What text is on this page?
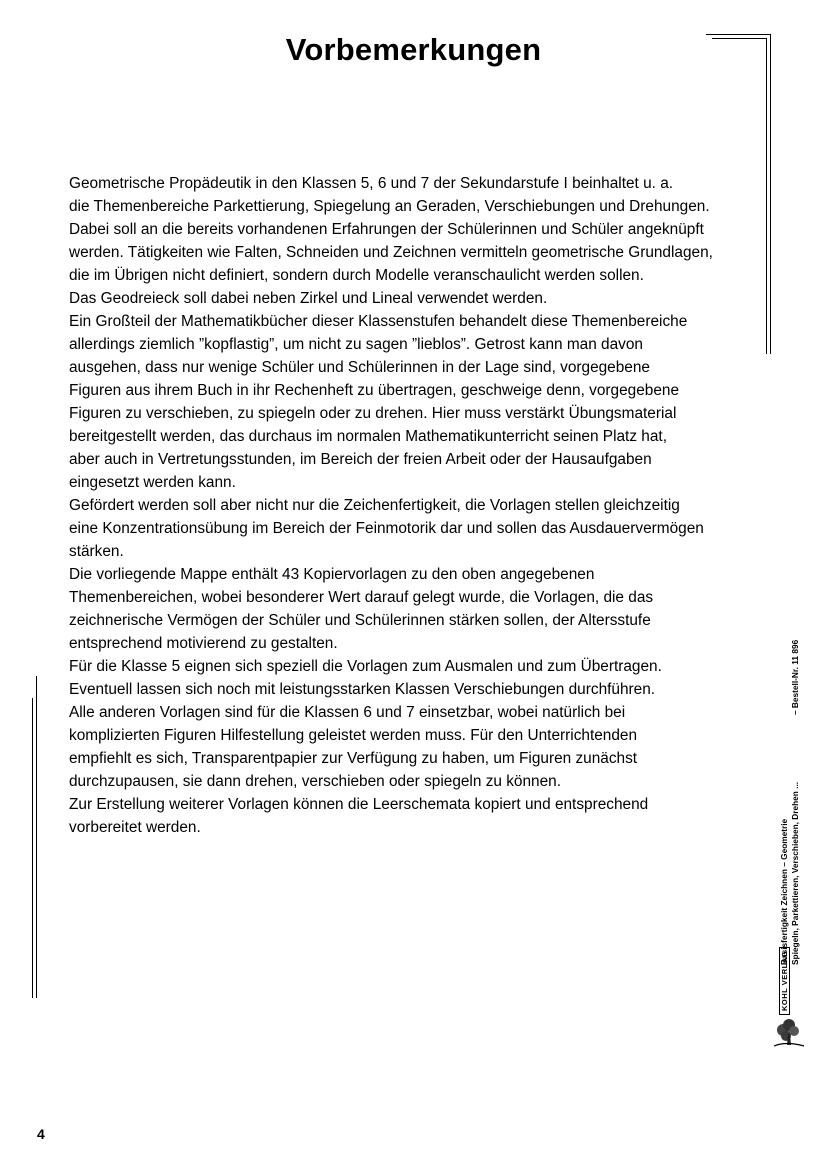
Vorbemerkungen
Geometrische Propädeutik in den Klassen 5, 6 und 7 der Sekundarstufe I beinhaltet u. a.
die Themenbereiche Parkettierung, Spiegelung an Geraden, Verschiebungen und Drehungen.
Dabei soll an die bereits vorhandenen Erfahrungen der Schülerinnen und Schüler angeknüpft
werden. Tätigkeiten wie Falten, Schneiden und Zeichnen vermitteln geometrische Grundlagen,
die im Übrigen nicht definiert, sondern durch Modelle veranschaulicht werden sollen.
Das Geodreieck soll dabei neben Zirkel und Lineal verwendet werden.
Ein Großteil der Mathematikbücher dieser Klassenstufen behandelt diese Themenbereiche
allerdings ziemlich ”kopflastig”, um nicht zu sagen ”lieblos”. Getrost kann man davon
ausgehen, dass nur wenige Schüler und Schülerinnen in der Lage sind, vorgegebene
Figuren aus ihrem Buch in ihr Rechenheft zu übertragen, geschweige denn, vorgegebene
Figuren zu verschieben, zu spiegeln oder zu drehen. Hier muss verstärkt Übungsmaterial
bereitgestellt werden, das durchaus im normalen Mathematikunterricht seinen Platz hat,
aber auch in Vertretungsstunden, im Bereich der freien Arbeit oder der Hausaufgaben
eingesetzt werden kann.
Gefördert werden soll aber nicht nur die Zeichenfertigkeit, die Vorlagen stellen gleichzeitig
eine Konzentrationsübung im Bereich der Feinmotorik dar und sollen das Ausdauervermögen
stärken.
Die vorliegende Mappe enthält 43 Kopiervorlagen zu den oben angegebenen
Themenbereichen, wobei besonderer Wert darauf gelegt wurde, die Vorlagen, die das
zeichnerische Vermögen der Schüler und Schülerinnen stärken sollen, der Altersstufe
entsprechend motivierend zu gestalten.
Für die Klasse 5 eignen sich speziell die Vorlagen zum Ausmalen und zum Übertragen.
Eventuell lassen sich noch mit leistungsstarken Klassen Verschiebungen durchführen.
Alle anderen Vorlagen sind für die Klassen 6 und 7 einsetzbar, wobei natürlich bei
komplizierten Figuren Hilfestellung geleistet werden muss. Für den Unterrichtenden
empfiehlt es sich, Transparentpapier zur Verfügung zu haben, um Figuren zunächst
durchzupausen, sie dann drehen, verschieben oder spiegeln zu können.
Zur Erstellung weiterer Vorlagen können die Leerschemata kopiert und entsprechend
vorbereitet werden.	Basisfertigkeit Zeichnen – Geometrie Spiegeln, Parkettieren, Verschieben, Drehen ...
– Bestell-Nr. 11 896
KOHL VERLAG
4
